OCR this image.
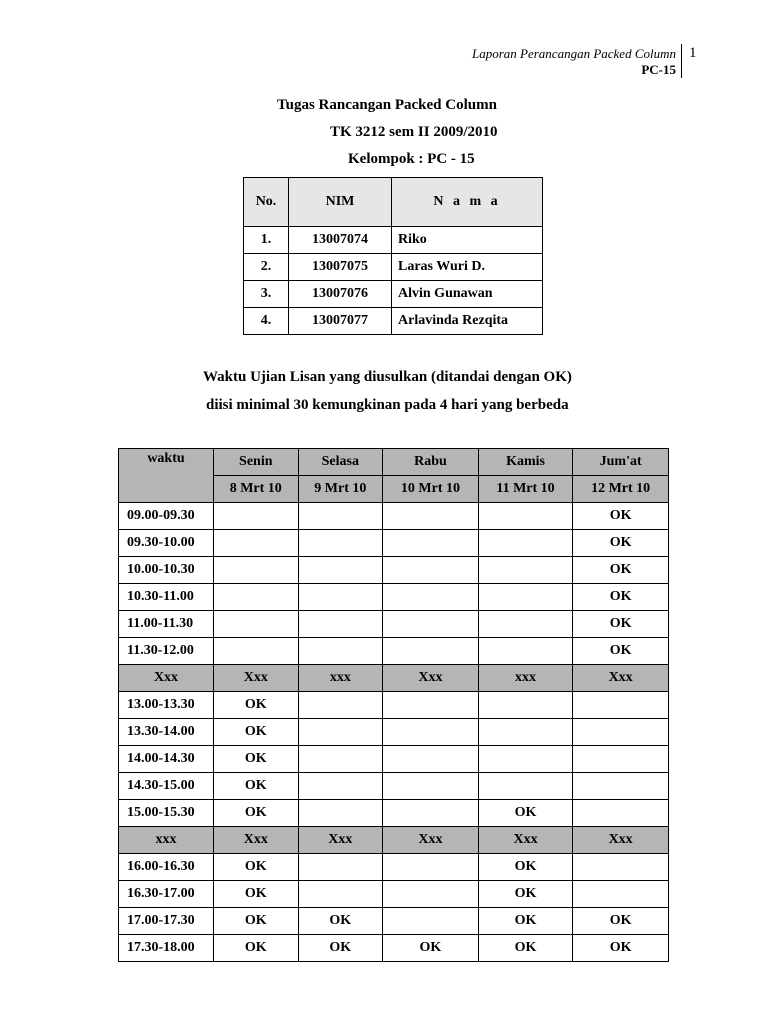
Laporan Perancangan Packed Column
PC-15
1
Tugas Rancangan Packed Column
TK 3212 sem II 2009/2010
Kelompok : PC - 15
No.	NIM	N a m a
1.	13007074	Riko
2.	13007075	Laras Wuri D.
3.	13007076	Alvin Gunawan
4.	13007077	Arlavinda Rezqita
Waktu Ujian Lisan yang diusulkan (ditandai dengan OK)
diisi minimal 30 kemungkinan pada 4 hari yang berbeda
waktu	Senin	Selasa	Rabu	Kamis	Jum'at
	8 Mrt 10	9 Mrt 10	10 Mrt 10	11 Mrt 10	12 Mrt 10
09.00-09.30					OK
09.30-10.00					OK
10.00-10.30					OK
10.30-11.00					OK
11.00-11.30					OK
11.30-12.00					OK
Xxx	Xxx	xxx	Xxx	xxx	Xxx
13.00-13.30	OK				
13.30-14.00	OK				
14.00-14.30	OK				
14.30-15.00	OK				
15.00-15.30	OK			OK	
xxx	Xxx	Xxx	Xxx	Xxx	Xxx
16.00-16.30	OK			OK	
16.30-17.00	OK			OK	
17.00-17.30	OK	OK		OK	OK
17.30-18.00	OK	OK	OK	OK	OK
